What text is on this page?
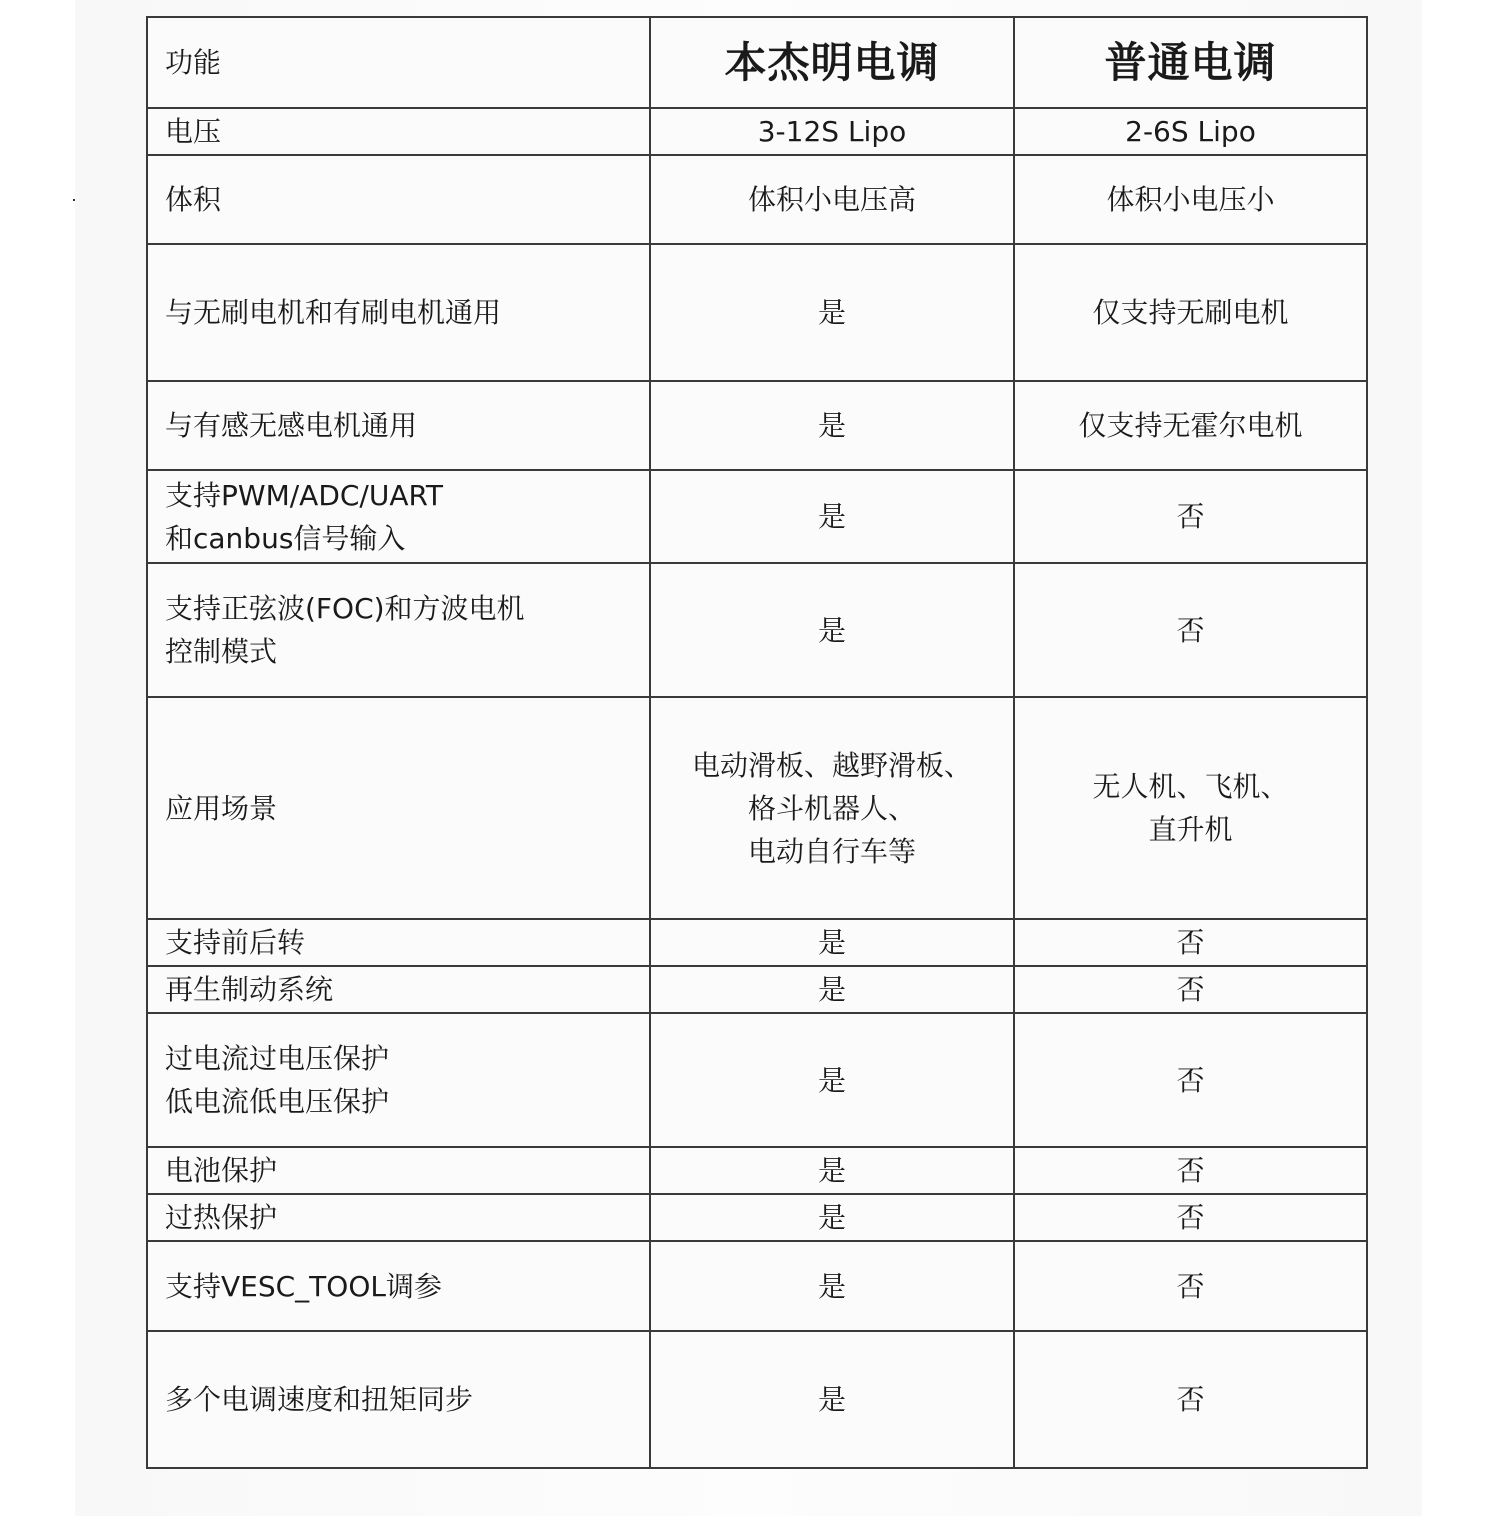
功能	本杰明电调	普通电调

电压	3-12S Lipo	2-6S Lipo

体积	体积小电压高	体积小电压小

与无刷电机和有刷电机通用	是	仅支持无刷电机

与有感无感电机通用	是	仅支持无霍尔电机

支持PWM/ADC/UART
和canbus信号输入	是	否

支持正弦波(FOC)和方波电机
控制模式	是	否

应用场景	电动滑板、越野滑板、
格斗机器人、
电动自行车等	无人机、飞机、
直升机

支持前后转	是	否

再生制动系统	是	否

过电流过电压保护
低电流低电压保护	是	否

电池保护	是	否

过热保护	是	否

支持VESC_TOOL调参	是	否

多个电调速度和扭矩同步	是	否
